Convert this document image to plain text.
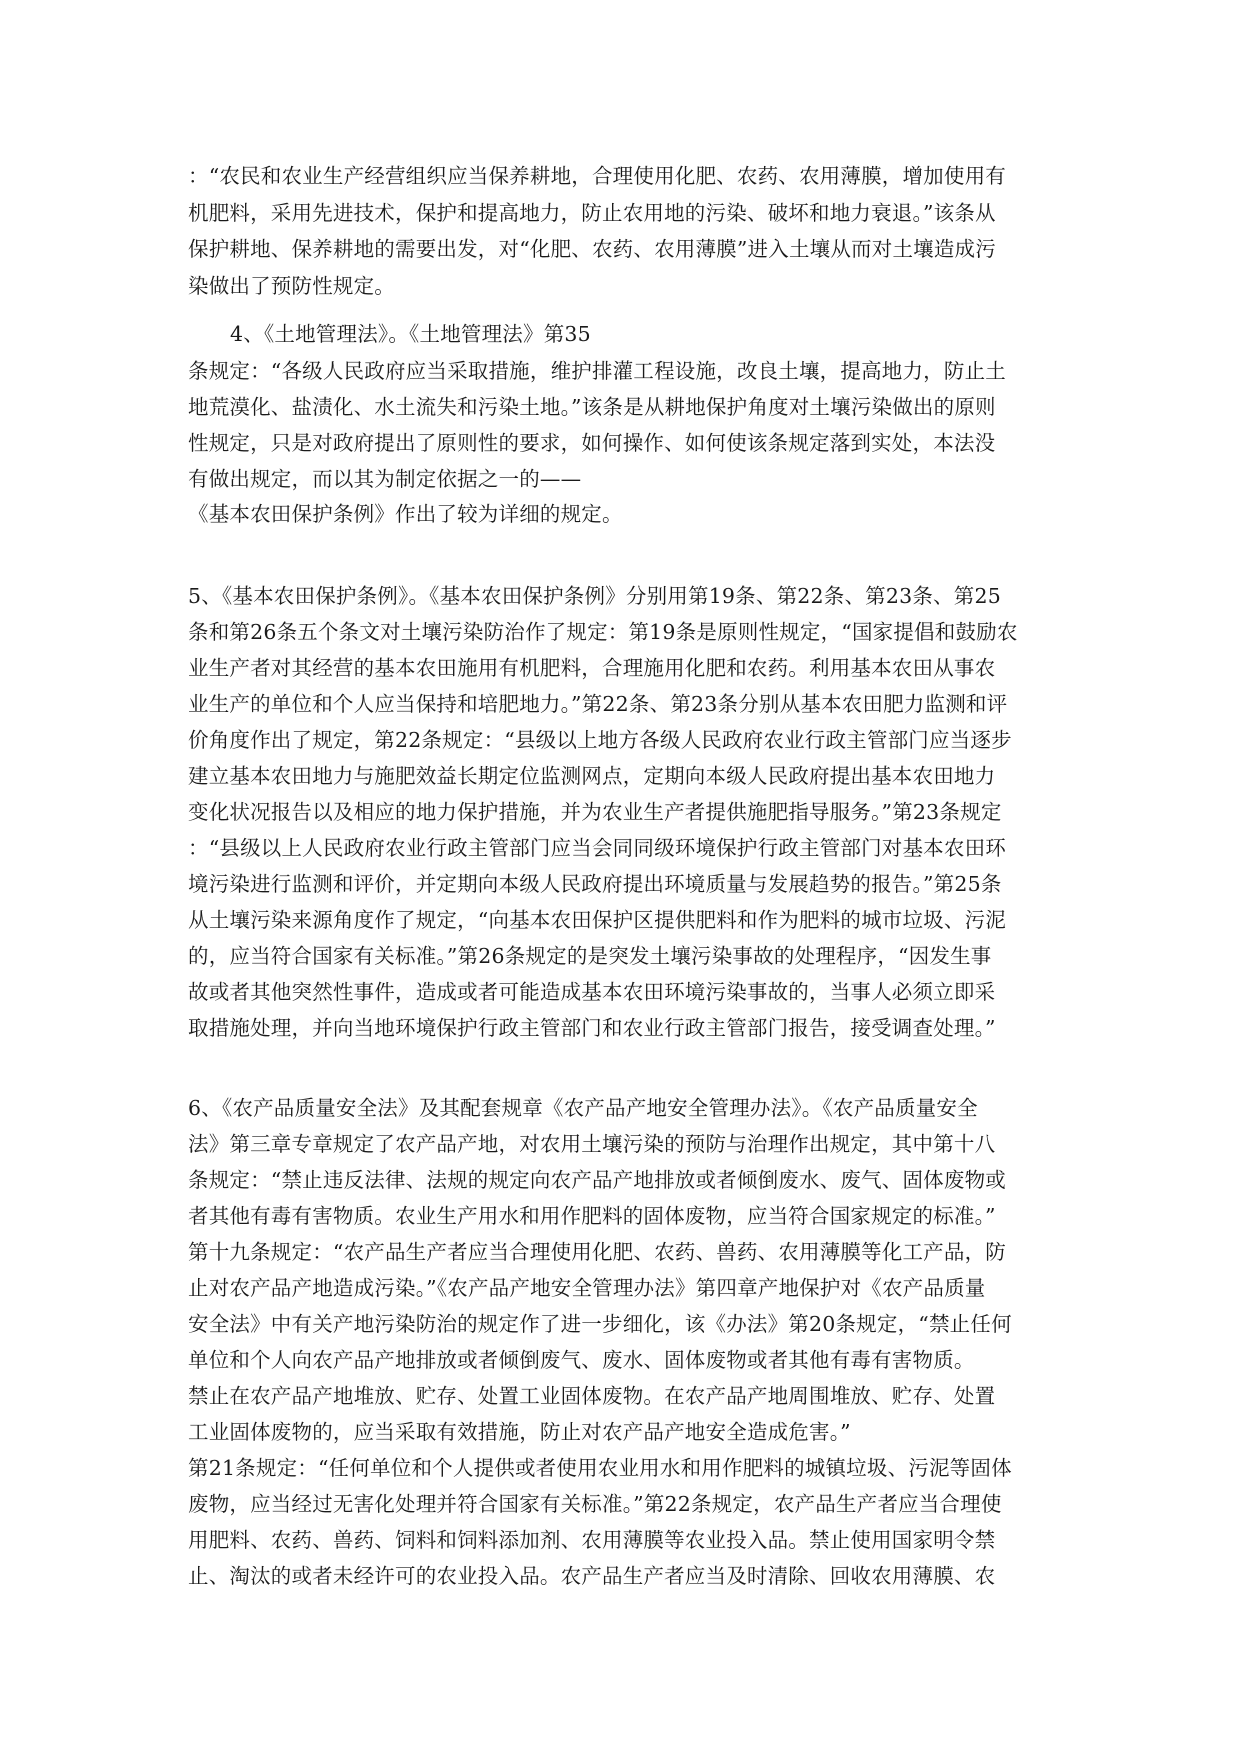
：“农民和农业生产经营组织应当保养耕地，合理使用化肥、农药、农用薄膜，增加使用有
机肥料，采用先进技术，保护和提高地力，防止农用地的污染、破坏和地力衰退。”该条从
保护耕地、保养耕地的需要出发，对“化肥、农药、农用薄膜”进入土壤从而对土壤造成污
染做出了预防性规定。
4、《土地管理法》。《土地管理法》第35
条规定：“各级人民政府应当采取措施，维护排灌工程设施，改良土壤，提高地力，防止土
地荒漠化、盐渍化、水土流失和污染土地。”该条是从耕地保护角度对土壤污染做出的原则
性规定，只是对政府提出了原则性的要求，如何操作、如何使该条规定落到实处，本法没
有做出规定，而以其为制定依据之一的——
《基本农田保护条例》作出了较为详细的规定。
5、《基本农田保护条例》。《基本农田保护条例》分别用第19条、第22条、第23条、第25
条和第26条五个条文对土壤污染防治作了规定：第19条是原则性规定，“国家提倡和鼓励农
业生产者对其经营的基本农田施用有机肥料，合理施用化肥和农药。利用基本农田从事农
业生产的单位和个人应当保持和培肥地力。”第22条、第23条分别从基本农田肥力监测和评
价角度作出了规定，第22条规定：“县级以上地方各级人民政府农业行政主管部门应当逐步
建立基本农田地力与施肥效益长期定位监测网点，定期向本级人民政府提出基本农田地力
变化状况报告以及相应的地力保护措施，并为农业生产者提供施肥指导服务。”第23条规定
：“县级以上人民政府农业行政主管部门应当会同同级环境保护行政主管部门对基本农田环
境污染进行监测和评价，并定期向本级人民政府提出环境质量与发展趋势的报告。”第25条
从土壤污染来源角度作了规定，“向基本农田保护区提供肥料和作为肥料的城市垃圾、污泥
的，应当符合国家有关标准。”第26条规定的是突发土壤污染事故的处理程序，“因发生事
故或者其他突然性事件，造成或者可能造成基本农田环境污染事故的，当事人必须立即采
取措施处理，并向当地环境保护行政主管部门和农业行政主管部门报告，接受调查处理。”
6、《农产品质量安全法》及其配套规章《农产品产地安全管理办法》。《农产品质量安全
法》第三章专章规定了农产品产地，对农用土壤污染的预防与治理作出规定，其中第十八
条规定：“禁止违反法律、法规的规定向农产品产地排放或者倾倒废水、废气、固体废物或
者其他有毒有害物质。农业生产用水和用作肥料的固体废物，应当符合国家规定的标准。”
第十九条规定：“农产品生产者应当合理使用化肥、农药、兽药、农用薄膜等化工产品，防
止对农产品产地造成污染。”《农产品产地安全管理办法》第四章产地保护对《农产品质量
安全法》中有关产地污染防治的规定作了进一步细化，该《办法》第20条规定，“禁止任何
单位和个人向农产品产地排放或者倾倒废气、废水、固体废物或者其他有毒有害物质。
禁止在农产品产地堆放、贮存、处置工业固体废物。在农产品产地周围堆放、贮存、处置
工业固体废物的，应当采取有效措施，防止对农产品产地安全造成危害。”
第21条规定：“任何单位和个人提供或者使用农业用水和用作肥料的城镇垃圾、污泥等固体
废物，应当经过无害化处理并符合国家有关标准。”第22条规定，农产品生产者应当合理使
用肥料、农药、兽药、饲料和饲料添加剂、农用薄膜等农业投入品。禁止使用国家明令禁
止、淘汰的或者未经许可的农业投入品。农产品生产者应当及时清除、回收农用薄膜、农
